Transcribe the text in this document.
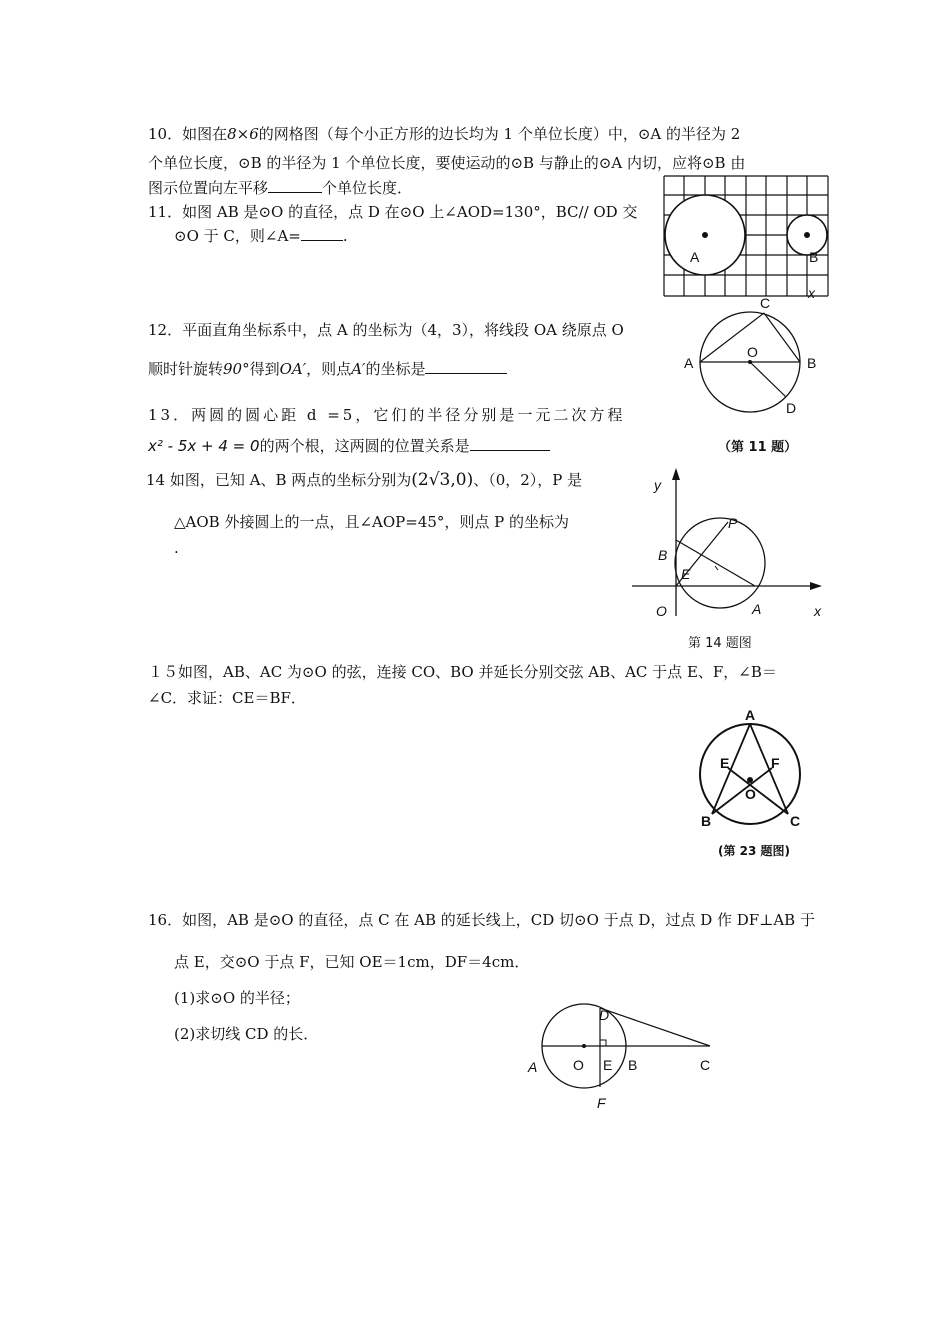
10．如图在8×6的网格图（每个小正方形的边长均为 1 个单位长度）中，⊙A 的半径为 2
个单位长度，⊙B 的半径为 1 个单位长度，要使运动的⊙B 与静止的⊙A 内切，应将⊙B 由
图示位置向左平移	个单位长度．
A	B
x
11．如图 AB 是⊙O 的直径，点 D 在⊙O 上∠AOD=130°，BC// OD 交
⊙O 于 C，则∠A=	.
A	B
C
D
O
（第 11 题）
12．平面直角坐标系中，点 A 的坐标为（4，3），将线段 OA 绕原点 O
顺时针旋转90°得到OA′，则点A′的坐标是
13．两圆的圆心距 d =5，它们的半径分别是一元二次方程
x² - 5x + 4 = 0的两个根，这两圆的位置关系是
14 如图，已知 A、B 两点的坐标分别为(2√3,0)、（0，2），P 是
△AOB 外接圆上的一点，且∠AOP=45°，则点 P 的坐标为
.
y
x
O	A
B
P
E
第 14 题图
１５如图，AB、AC 为⊙O 的弦，连接 CO、BO 并延长分别交弦 AB、AC 于点 E、F，∠B＝
∠C．求证：CE＝BF．
A
B	C
E	F
O
(第 23 题图)
16．如图，AB 是⊙O 的直径，点 C 在 AB 的延长线上，CD 切⊙O 于点 D，过点 D 作 DF⊥AB 于
点 E，交⊙O 于点 F，已知 OE＝1cm，DF＝4cm．
(1)求⊙O 的半径；
(2)求切线 CD 的长．
A	O E B	C
D
F
